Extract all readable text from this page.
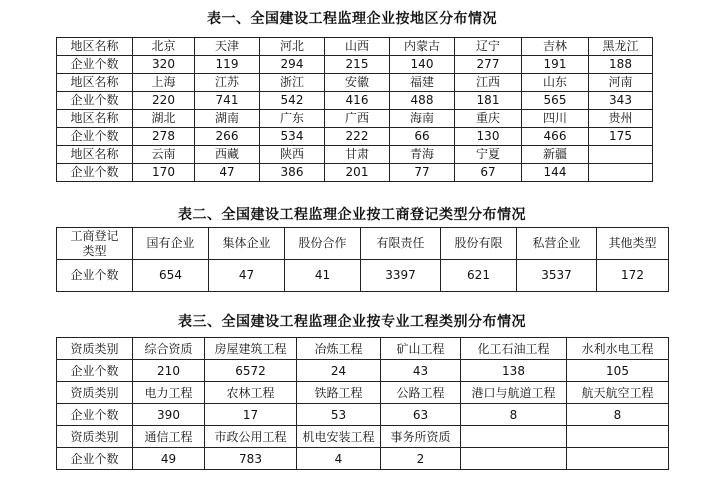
表一、全国建设工程监理企业按地区分布情况
地区名称	北京	天津	河北	山西	内蒙古	辽宁	吉林	黑龙江
企业个数	320	119	294	215	140	277	191	188
地区名称	上海	江苏	浙江	安徽	福建	江西	山东	河南
企业个数	220	741	542	416	488	181	565	343
地区名称	湖北	湖南	广东	广西	海南	重庆	四川	贵州
企业个数	278	266	534	222	66	130	466	175
地区名称	云南	西藏	陕西	甘肃	青海	宁夏	新疆	
企业个数	170	47	386	201	77	67	144	
表二、全国建设工程监理企业按工商登记类型分布情况
工商登记
类型	国有企业	集体企业	股份合作	有限责任	股份有限	私营企业	其他类型
企业个数	654	47	41	3397	621	3537	172
表三、全国建设工程监理企业按专业工程类别分布情况
资质类别	综合资质	房屋建筑工程	冶炼工程	矿山工程	化工石油工程	水利水电工程
企业个数	210	6572	24	43	138	105
资质类别	电力工程	农林工程	铁路工程	公路工程	港口与航道工程	航天航空工程
企业个数	390	17	53	63	8	8
资质类别	通信工程	市政公用工程	机电安装工程	事务所资质		
企业个数	49	783	4	2		
